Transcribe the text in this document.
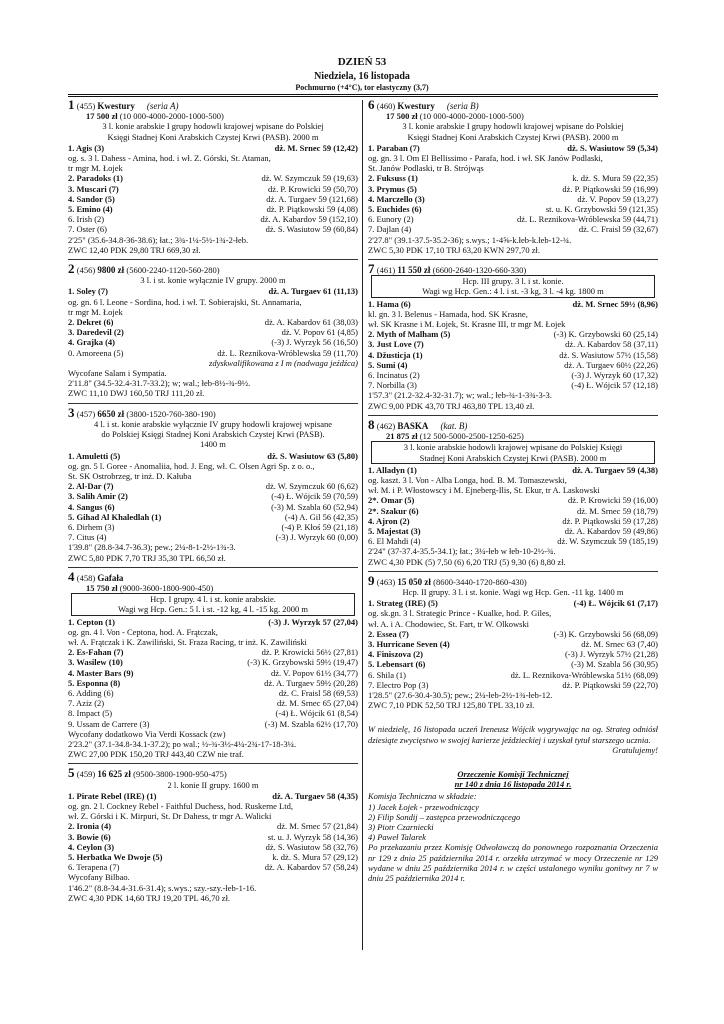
DZIEŃ 53
Niedziela, 16 listopada
Pochmurno (+4°C), tor elastyczny (3,7)
1 (455) Kwestury (seria A)
17 500 zł (10 000-4000-2000-1000-500)
3 l. konie arabskie I grupy hodowli krajowej wpisane do Polskiej
Księgi Stadnej Koni Arabskich Czystej Krwi (PASB). 2000 m
1. Agis (3)	dż. M. Srnec 59 (12,42)
og. s. 3 l. Dahess - Amina, hod. i wł. Z. Górski, St. Ataman,
tr mgr M. Łojek
2. Paradoks (1)	dż. W. Szymczuk 59 (19,63)
3. Muscari (7)	dż. P. Krowicki 59 (50,70)
4. Sandor (5)	dż. A. Turgaev 59 (121,68)
5. Emino (4)	dż. P. Piątkowski 59 (4,08)
6. Irish (2)	dż. A. Kabardov 59 (152,10)
7. Oster (6)	dż. S. Wasiutow 59 (60,84)
2'25" (35.6-34.8-36-38.6); łat.; 3¾-1¼-5½-1¾-2-łeb.
ZWC 12,40 PDK 29,80 TRJ 669,30 zł.
2 (456) 9800 zł (5600-2240-1120-560-280)
3 l. i st. konie wyłącznie IV grupy. 2000 m
1. Soley (7)	dż. A. Turgaev 61 (11,13)
og. gn. 6 l. Leone - Sordina, hod. i wł. T. Sobierajski, St. Annamaria,
tr mgr M. Łojek
2. Dekret (6)	dż. A. Kabardov 61 (38,03)
3. Daredevil (2)	dż. V. Popov 61 (4,85)
4. Grajka (4)	(-3) J. Wyrzyk 56 (16,50)
0. Amoreena (5)	dż. L. Reznikova-Wróblewska 59 (11,70)
zdyskwalifikowana z I m (nadwaga jeźdźca)
Wycofane Salam i Sympatia.
2'11.8" (34.5-32.4-31.7-33.2); w; wal.; łeb-8½-¾-9½.
ZWC 11,10 DWJ 160,50 TRJ 111,20 zł.
3 (457) 6650 zł (3800-1520-760-380-190)
4 l. i st. konie arabskie wyłącznie IV grupy hodowli krajowej wpisane
do Polskiej Księgi Stadnej Koni Arabskich Czystej Krwi (PASB).
1400 m
1. Amuletti (5)	dż. S. Wasiutow 63 (5,80)
og. gn. 5 l. Goree - Anomaliia, hod. J. Eng, wł. C. Olsen Agri Sp. z o. o.,
St. SK Ostrobrzeg, tr inż. D. Kałuba
2. Al-Dar (7)	dż. W. Szymczuk 60 (6,62)
3. Salih Amir (2)	(-4) Ł. Wójcik 59 (70,59)
4. Sangus (6)	(-3) M. Szabla 60 (52,94)
5. Gihad Al Khaledlah (1)	(-4) A. Gil 56 (42,35)
6. Dirhem (3)	(-4) P. Kłoś 59 (21,18)
7. Citus (4)	(-3) J. Wyrzyk 60 (0,00)
1'39.8" (28.8-34.7-36.3); pew.; 2¼-8-1-2½-1¾-3.
ZWC 5,80 PDK 7,70 TRJ 35,30 TPL 66,50 zł.
4 (458) Gafała
15 750 zł (9000-3600-1800-900-450)
Hcp. I grupy. 4 l. i st. konie arabskie.
Wagi wg Hcp. Gen.: 5 l. i st. -12 kg, 4 l. -15 kg. 2000 m
1. Cepton (1)	(-3) J. Wyrzyk 57 (27,04)
og. gn. 4 l. Von - Ceptona, hod. A. Frątczak,
wł. A. Frątczak i K. Zawiliński, St. Fraza Racing, tr inż. K. Zawiliński
2. Es-Fahan (7)	dż. P. Krowicki 56½ (27,81)
3. Wasilew (10)	(-3) K. Grzybowski 59½ (19,47)
4. Master Bars (9)	dż. V. Popov 61½ (34,77)
5. Esponna (8)	dż. A. Turgaev 59½ (20,28)
6. Adding (6)	dż. C. Fraisl 58 (69,53)
7. Aziz (2)	dż. M. Srnec 65 (27,04)
8. Impact (5)	(-4) Ł. Wójcik 61 (8,54)
9. Ussam de Carrere (3)	(-3) M. Szabla 62½ (17,70)
Wycofany dodatkowo Via Verdi Kossack (zw)
2'23.2" (37.1-34.8-34.1-37.2); po wal.; ½-¾-3½-4¼-2¾-17-18-3¼.
ZWC 27,00 PDK 150,20 TRJ 443,40 CZW nie traf.
5 (459) 16 625 zł (9500-3800-1900-950-475)
2 l. konie II grupy. 1600 m
1. Pirate Rebel (IRE) (1)	dż. A. Turgaev 58 (4,35)
og. gn. 2 l. Cockney Rebel - Faithful Duchess, hod. Ruskerne Ltd,
wł. Z. Górski i K. Mirpuri, St. Dr Dahess, tr mgr A. Walicki
2. Ironia (4)	dż. M. Srnec 57 (21,84)
3. Bowie (6)	st. u. J. Wyrzyk 58 (14,36)
4. Ceylon (3)	dż. S. Wasiutow 58 (32,76)
5. Herbatka We Dwoje (5)	k. dż. S. Mura 57 (29,12)
6. Terapena (7)	dż. A. Kabardov 57 (58,24)
Wycofany Bilbao.
1'46.2" (8.8-34.4-31.6-31.4); s.wys.; szy.-szy.-łeb-1-16.
ZWC 4,30 PDK 14,60 TRJ 19,20 TPL 46,70 zł.
6 (460) Kwestury (seria B)
17 500 zł (10 000-4000-2000-1000-500)
3 l. konie arabskie I grupy hodowli krajowej wpisane do Polskiej
Księgi Stadnej Koni Arabskich Czystej Krwi (PASB). 2000 m
1. Paraban (7)	dż. S. Wasiutow 59 (5,34)
og. gn. 3 l. Om El Bellissimo - Parafa, hod. i wł. SK Janów Podlaski,
St. Janów Podlaski, tr B. Strójwąs
2. Fuksuss (1)	k. dż. S. Mura 59 (22,35)
3. Prymus (5)	dż. P. Piątkowski 59 (16,99)
4. Marczello (3)	dż. V. Popov 59 (13,27)
5. Euchides (6)	st. u. K. Grzybowski 59 (121,35)
6. Eunory (2)	dż. L. Reznikova-Wróblewska 59 (44,71)
7. Dajlan (4)	dż. C. Fraisl 59 (32,67)
2'27.8" (39.1-37.5-35.2-36); s.wys.; 1-4⅝-k.łeb-k.łeb-12-¾.
ZWC 5,30 PDK 17,10 TRJ 63,20 KWN 297,70 zł.
7 (461) 11 550 zł (6600-2640-1320-660-330)
Hcp. III grupy. 3 l. i st. konie.
Wagi wg Hcp. Gen.: 4 l. i st. -3 kg, 3 l. -4 kg. 1800 m
1. Hama (6)	dż. M. Srnec 59½ (8,96)
kl. gn. 3 l. Belenus - Hamada, hod. SK Krasne,
wł. SK Krasne i M. Łojek, St. Krasne III, tr mgr M. Łojek
2. Myth of Malham (5)	(-3) K. Grzybowski 60 (25,14)
3. Just Love (7)	dż. A. Kabardov 58 (37,11)
4. Džusticja (1)	dż. S. Wasiutow 57½ (15,58)
5. Sumi (4)	dż. A. Turgaev 60½ (22,26)
6. Incinatus (2)	(-3) J. Wyrzyk 60 (17,32)
7. Norbilla (3)	(-4) Ł. Wójcik 57 (12,18)
1'57.3" (21.2-32.4-32-31.7); w; wal.; łeb-¾-1-3¾-3-3.
ZWC 9,00 PDK 43,70 TRJ 463,80 TPL 13,40 zł.
8 (462) BASKA (kat. B)
21 875 zł (12 500-5000-2500-1250-625)
3 l. konie arabskie hodowli krajowej wpisane do Polskiej Księgi
Stadnej Koni Arabskich Czystej Krwi (PASB). 2000 m
1. Alladyn (1)	dż. A. Turgaev 59 (4,38)
og. kaszt. 3 l. Von - Alba Longa, hod. B. M. Tomaszewski,
wł. M. i P. Włostowscy i M. Ejneberg-Ilis, St. Ekur, tr A. Laskowski
2*. Omar (5)	dż. P. Krowicki 59 (16,00)
2*. Szakur (6)	dż. M. Srnec 59 (18,79)
4. Ajron (2)	dż. P. Piątkowski 59 (17,28)
5. Majestat (3)	dż. A. Kabardov 59 (49,86)
6. El Mahdi (4)	dż. W. Szymczuk 59 (185,19)
2'24" (37-37.4-35.5-34.1); łat.; 3¼-łeb w łeb-10-2½-¾.
ZWC 4,30 PDK (5) 7,50 (6) 6,20 TRJ (5) 9,30 (6) 8,80 zł.
9 (463) 15 050 zł (8600-3440-1720-860-430)
Hcp. II grupy. 3 l. i st. konie. Wagi wg Hcp. Gen. -11 kg. 1400 m
1. Strateg (IRE) (5)	(-4) Ł. Wójcik 61 (7,17)
og. sk.gn. 3 l. Strategic Prince - Kualke, hod. P. Giles,
wł. A. i A. Chodowiec, St. Fart, tr W. Olkowski
2. Essea (7)	(-3) K. Grzybowski 56 (68,09)
3. Hurricane Seven (4)	dż. M. Srnec 63 (7,40)
4. Finiszova (2)	(-3) J. Wyrzyk 57½ (21,28)
5. Lebensart (6)	(-3) M. Szabla 56 (30,95)
6. Shila (1)	dż. L. Reznikova-Wróblewska 51½ (68,09)
7. Electro Pop (3)	dż. P. Piątkowski 59 (22,70)
1'28.5" (27.6-30.4-30.5); pew.; 2¼-łeb-2½-1¾-łeb-12.
ZWC 7,10 PDK 52,50 TRJ 125,80 TPL 33,10 zł.
W niedzielę, 16 listopada uczeń Ireneusz Wójcik wygrywając na og. Strateg odniósł dziesiąte zwycięstwo w swojej karierze jeździeckiej i uzyskał tytuł starszego ucznia.
Gratulujemy!
Orzeczenie Komisji Technicznej
nr 140 z dnia 16 listopada 2014 r.
Komisja Techniczna w składzie:
1) Jacek Łojek - przewodniczący
2) Filip Sondij – zastępca przewodniczącego
3) Piotr Czarniecki
4) Paweł Talarek

Po przekazaniu przez Komisję Odwoławczą do ponownego rozpoznania Orzeczenia nr 129 z dnia 25 października 2014 r. orzekła utrzymać w mocy Orzeczenie nr 129 wydane w dniu 25 października 2014 r. w części ustalonego wyniku gonitwy nr 7 w dniu 25 października 2014 r.
